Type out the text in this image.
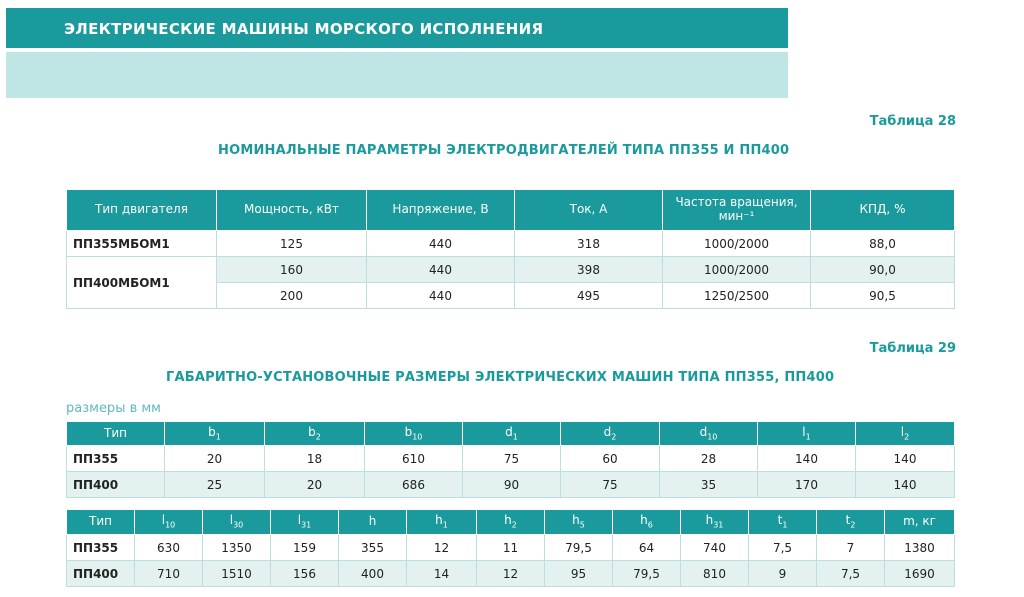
ЭЛЕКТРИЧЕСКИЕ МАШИНЫ МОРСКОГО ИСПОЛНЕНИЯ
Таблица 28
НОМИНАЛЬНЫЕ ПАРАМЕТРЫ ЭЛЕКТРОДВИГАТЕЛЕЙ ТИПА ПП355 И ПП400
Тип двигателя	Мощность, кВт	Напряжение, В	Ток, А	Частота вращения, мин⁻¹	КПД, %
ПП355МБОМ1	125	440	318	1000/2000	88,0
ПП400МБОМ1	160	440	398	1000/2000	90,0
	200	440	495	1250/2500	90,5
Таблица 29
ГАБАРИТНО-УСТАНОВОЧНЫЕ РАЗМЕРЫ ЭЛЕКТРИЧЕСКИХ МАШИН ТИПА ПП355, ПП400
размеры в мм
Тип	$b_1$	$b_2$	$b_{10}$	$d_1$	$d_2$	$d_{10}$	$l_1$	$l_2$
ПП355	20	18	610	75	60	28	140	140
ПП400	25	20	686	90	75	35	170	140
Тип	$l_{10}$	$l_{30}$	$l_{31}$	h	$h_1$	$h_2$	$h_5$	$h_6$	$h_{31}$	$t_1$	$t_2$	m, кг
ПП355	630	1350	159	355	12	11	79,5	64	740	7,5	7	1380
ПП400	710	1510	156	400	14	12	95	79,5	810	9	7,5	1690
